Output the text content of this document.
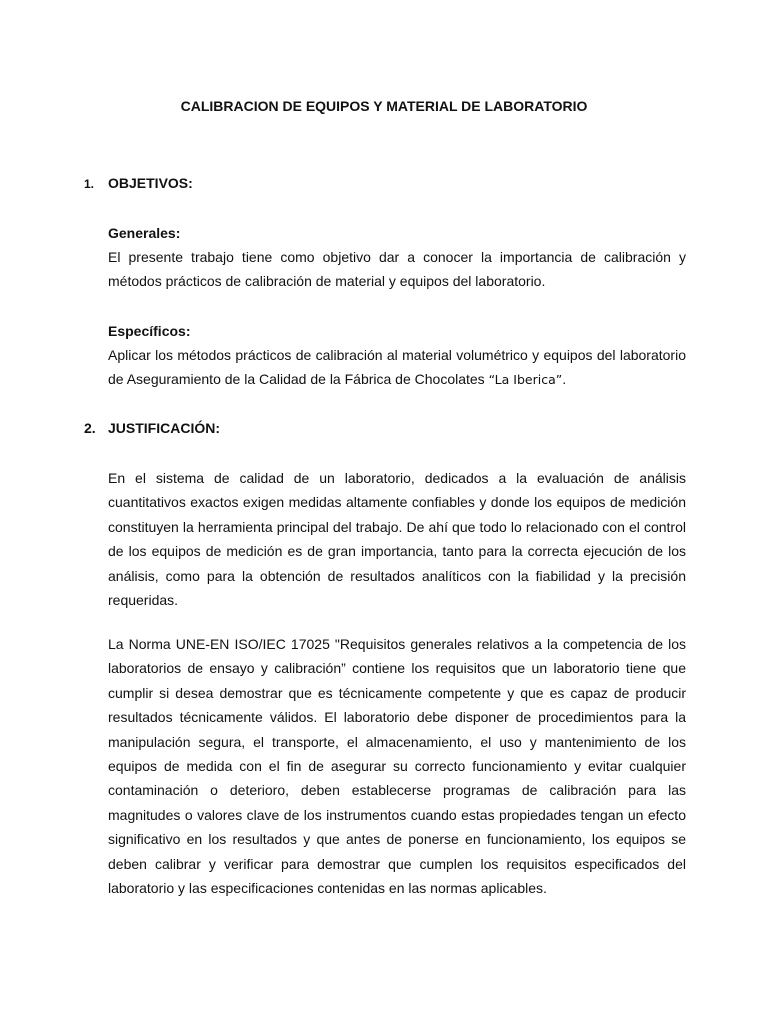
CALIBRACION DE EQUIPOS Y MATERIAL DE LABORATORIO
1. OBJETIVOS:
Generales:
El presente trabajo tiene como objetivo dar a conocer la importancia de calibración y métodos prácticos de calibración de material y equipos del laboratorio.
Específicos:
Aplicar los métodos prácticos de calibración al material volumétrico y equipos del laboratorio de Aseguramiento de la Calidad de la Fábrica de Chocolates “La Iberica”.
2. JUSTIFICACIÓN:
En el sistema de calidad de un laboratorio, dedicados a la evaluación de análisis cuantitativos exactos exigen medidas altamente confiables y donde los equipos de medición constituyen la herramienta principal del trabajo. De ahí que todo lo relacionado con el control de los equipos de medición es de gran importancia, tanto para la correcta ejecución de los análisis, como para la obtención de resultados analíticos con la fiabilidad y la precisión requeridas.
La Norma UNE-EN ISO/IEC 17025 "Requisitos generales relativos a la competencia de los laboratorios de ensayo y calibración” contiene los requisitos que un laboratorio tiene que cumplir si desea demostrar que es técnicamente competente y que es capaz de producir resultados técnicamente válidos. El laboratorio debe disponer de procedimientos para la manipulación segura, el transporte, el almacenamiento, el uso y mantenimiento de los equipos de medida con el fin de asegurar su correcto funcionamiento y evitar cualquier contaminación o deterioro, deben establecerse programas de calibración para las magnitudes o valores clave de los instrumentos cuando estas propiedades tengan un efecto significativo en los resultados y que antes de ponerse en funcionamiento, los equipos se deben calibrar y verificar para demostrar que cumplen los requisitos especificados del laboratorio y las especificaciones contenidas en las normas aplicables.
